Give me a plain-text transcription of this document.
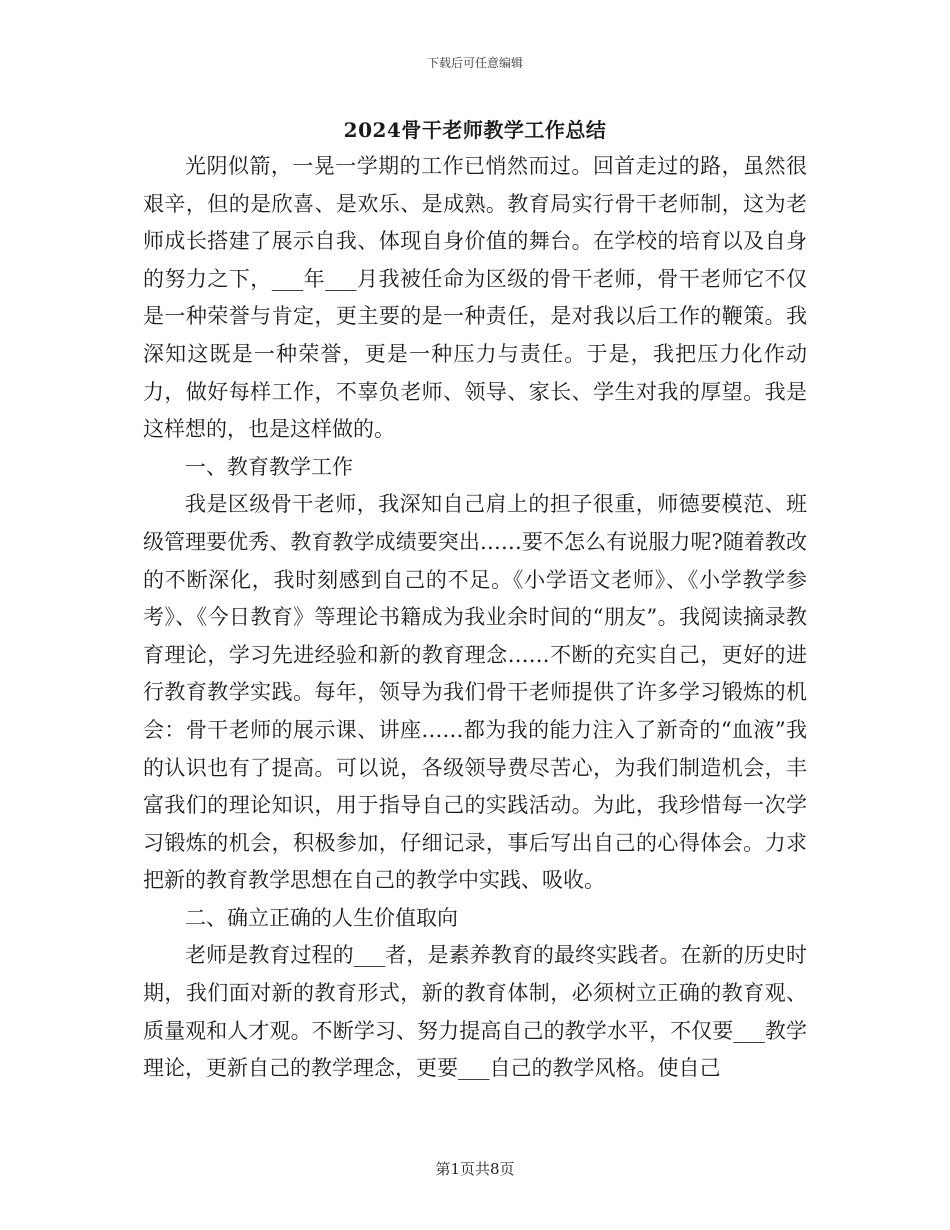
下载后可任意编辑
2024骨干老师教学工作总结

光阴似箭，一晃一学期的工作已悄然而过。回首走过的路，虽然很艰辛，但的是欣喜、是欢乐、是成熟。教育局实行骨干老师制，这为老师成长搭建了展示自我、体现自身价值的舞台。在学校的培育以及自身的努力之下，___年___月我被任命为区级的骨干老师，骨干老师它不仅是一种荣誉与肯定，更主要的是一种责任，是对我以后工作的鞭策。我深知这既是一种荣誉，更是一种压力与责任。于是，我把压力化作动力，做好每样工作，不辜负老师、领导、家长、学生对我的厚望。我是这样想的，也是这样做的。

一、教育教学工作

我是区级骨干老师，我深知自己肩上的担子很重，师德要模范、班级管理要优秀、教育教学成绩要突出……要不怎么有说服力呢?随着教改的不断深化，我时刻感到自己的不足。《小学语文老师》、《小学教学参考》、《今日教育》等理论书籍成为我业余时间的“朋友”。我阅读摘录教育理论，学习先进经验和新的教育理念……不断的充实自己，更好的进行教育教学实践。每年，领导为我们骨干老师提供了许多学习锻炼的机会：骨干老师的展示课、讲座……都为我的能力注入了新奇的“血液”我的认识也有了提高。可以说，各级领导费尽苦心，为我们制造机会，丰富我们的理论知识，用于指导自己的实践活动。为此，我珍惜每一次学习锻炼的机会，积极参加，仔细记录，事后写出自己的心得体会。力求把新的教育教学思想在自己的教学中实践、吸收。

二、确立正确的人生价值取向

老师是教育过程的___者，是素养教育的最终实践者。在新的历史时期，我们面对新的教育形式，新的教育体制，必须树立正确的教育观、质量观和人才观。不断学习、努力提高自己的教学水平，不仅要___教学理论，更新自己的教学理念，更要___自己的教学风格。使自己

第1页共8页
